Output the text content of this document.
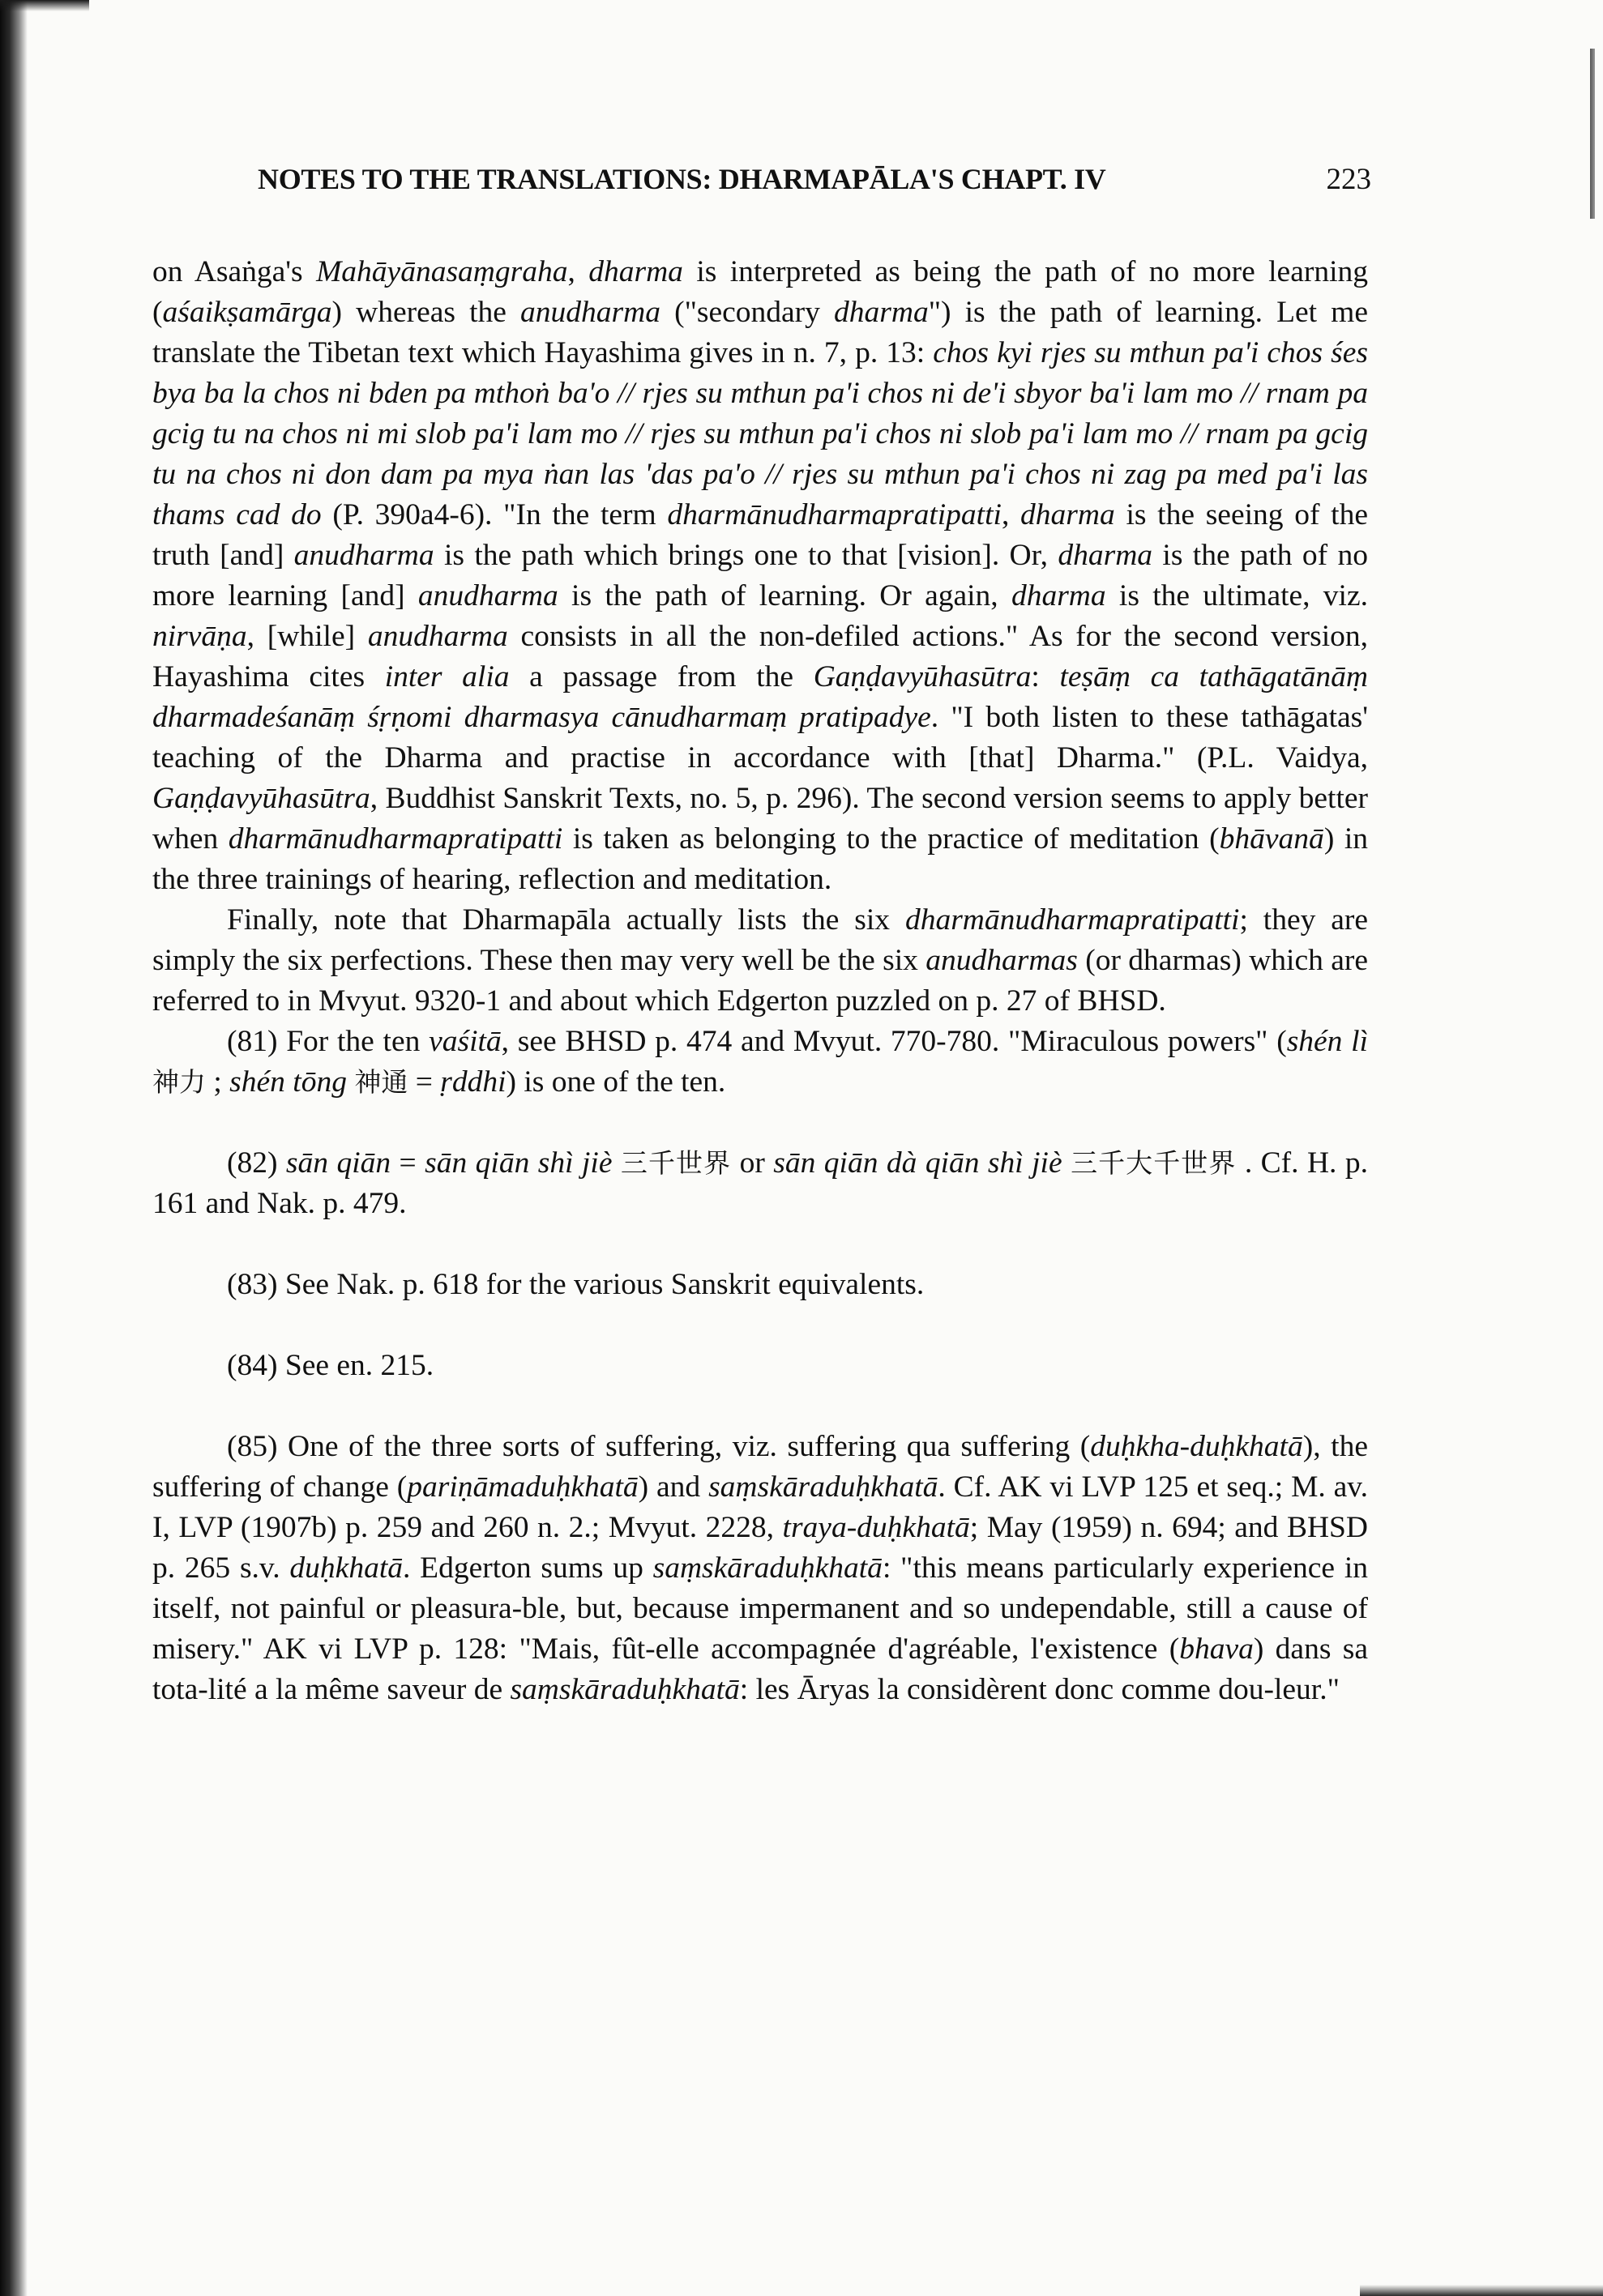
NOTES TO THE TRANSLATIONS: DHARMAPĀLA'S CHAPT. IV	223

on Asaṅga's Mahāyānasaṃgraha, dharma is interpreted as being the path of no more learning (aśaikṣamārga) whereas the anudharma ("secondary dharma") is the path of learning. Let me translate the Tibetan text which Hayashima gives in n. 7, p. 13: chos kyi rjes su mthun pa'i chos śes bya ba la chos ni bden pa mthoṅ ba'o // rjes su mthun pa'i chos ni de'i sbyor ba'i lam mo // rnam pa gcig tu na chos ni mi slob pa'i lam mo // rjes su mthun pa'i chos ni slob pa'i lam mo // rnam pa gcig tu na chos ni don dam pa mya ṅan las 'das pa'o // rjes su mthun pa'i chos ni zag pa med pa'i las thams cad do (P. 390a4-6). "In the term dharmānudharmapratipatti, dharma is the seeing of the truth [and] anudharma is the path which brings one to that [vision]. Or, dharma is the path of no more learning [and] anudharma is the path of learning. Or again, dharma is the ultimate, viz. nirvāṇa, [while] anudharma consists in all the non-defiled actions." As for the second version, Hayashima cites inter alia a passage from the Gaṇḍavyūhasūtra: teṣāṃ ca tathāgatānāṃ dharmadeśanāṃ śṛṇomi dharmasya cānudharmaṃ pratipadye. "I both listen to these tathāgatas' teaching of the Dharma and practise in accordance with [that] Dharma." (P.L. Vaidya, Gaṇḍavyūhasūtra, Buddhist Sanskrit Texts, no. 5, p. 296). The second version seems to apply better when dharmānudharmapratipatti is taken as belonging to the practice of meditation (bhāvanā) in the three trainings of hearing, reflection and meditation.

Finally, note that Dharmapāla actually lists the six dharmānudharmapratipatti; they are simply the six perfections. These then may very well be the six anudharmas (or dharmas) which are referred to in Mvyut. 9320-1 and about which Edgerton puzzled on p. 27 of BHSD.

(81) For the ten vaśitā, see BHSD p. 474 and Mvyut. 770-780. "Miraculous powers" (shén lì 神力 ; shén tōng 神通 = ṛddhi) is one of the ten.

(82) sān qiān = sān qiān shì jiè 三千世界 or sān qiān dà qiān shì jiè 三千大千世界 . Cf. H. p. 161 and Nak. p. 479.

(83) See Nak. p. 618 for the various Sanskrit equivalents.

(84) See en. 215.

(85) One of the three sorts of suffering, viz. suffering qua suffering (duḥkha-duḥkhatā), the suffering of change (pariṇāmaduḥkhatā) and saṃskāraduḥkhatā. Cf. AK vi LVP 125 et seq.; M. av. I, LVP (1907b) p. 259 and 260 n. 2.; Mvyut. 2228, traya-duḥkhatā; May (1959) n. 694; and BHSD p. 265 s.v. duḥkhatā. Edgerton sums up saṃskāraduḥkhatā: "this means particularly experience in itself, not painful or pleasura-ble, but, because impermanent and so undependable, still a cause of misery." AK vi LVP p. 128: "Mais, fût-elle accompagnée d'agréable, l'existence (bhava) dans sa tota-lité a la même saveur de saṃskāraduḥkhatā: les Āryas la considèrent donc comme dou-leur."
